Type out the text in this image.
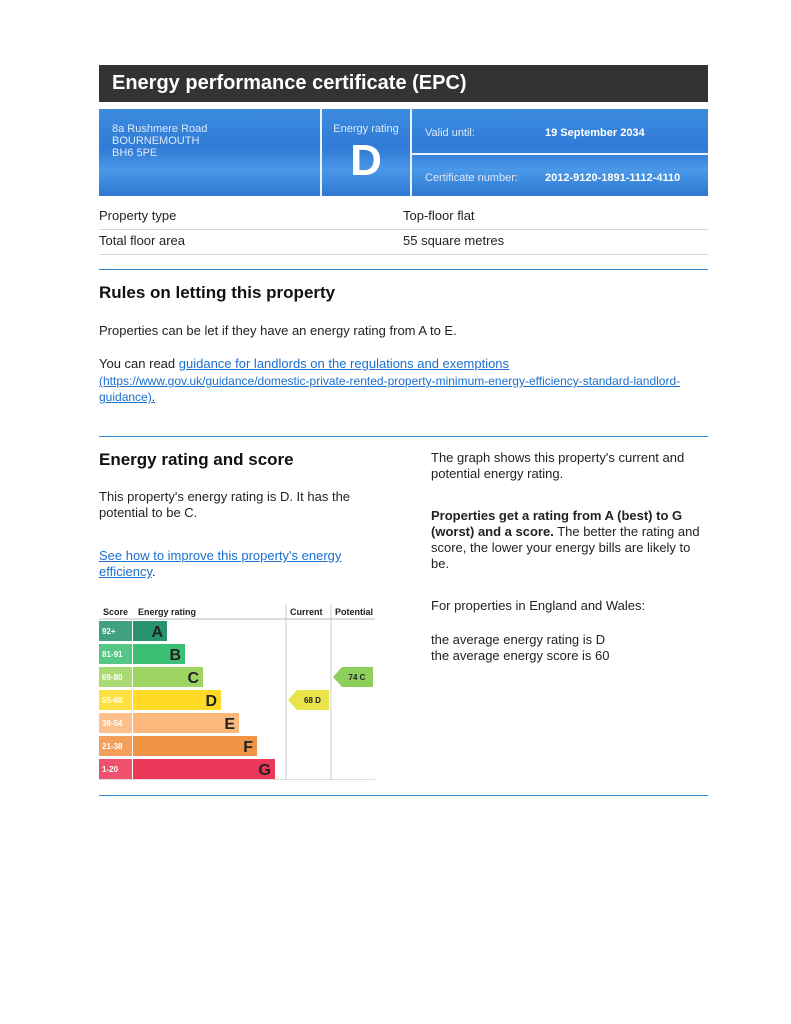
Energy performance certificate (EPC)
8a Rushmere Road
BOURNEMOUTH
BH6 5PE
Energy rating
D
Valid until:	19 September 2034
Certificate number: 2012-9120-1891-1112-4110
Property type	Top-floor flat
Total floor area	55 square metres
Rules on letting this property
Properties can be let if they have an energy rating from A to E.
You can read guidance for landlords on the regulations and exemptions
(https://www.gov.uk/guidance/domestic-private-rented-property-minimum-energy-efficiency-standard-landlord-
guidance).
Energy rating and score
This property's energy rating is D. It has the potential to be C.
See how to improve this property's energy efficiency.
The graph shows this property's current and potential energy rating.
Properties get a rating from A (best) to G (worst) and a score. The better the rating and score, the lower your energy bills are likely to be.
For properties in England and Wales:
the average energy rating is D
the average energy score is 60
Score Energy rating	Current Potential
92+ A
81-91	B
69-80	C
55-68	D
39-54	E
21-38	F
1-20	G
68 D
74 C
